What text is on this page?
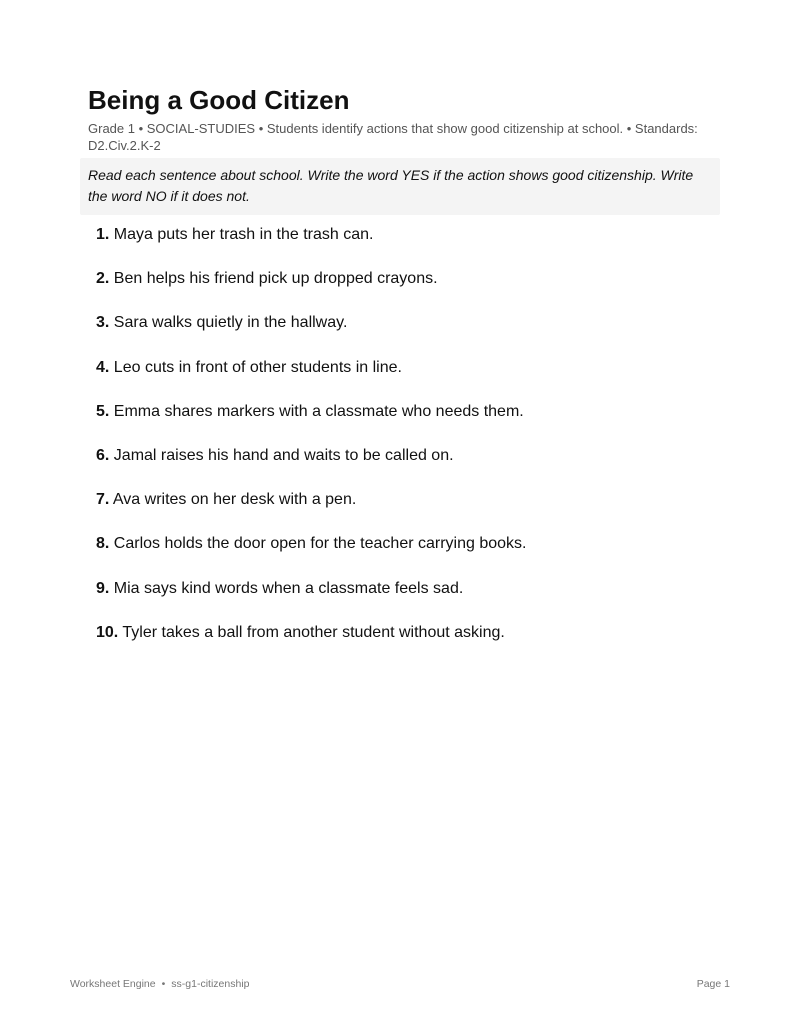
Being a Good Citizen
Grade 1 • SOCIAL-STUDIES • Students identify actions that show good citizenship at school. • Standards: D2.Civ.2.K-2
Read each sentence about school. Write the word YES if the action shows good citizenship. Write the word NO if it does not.
1. Maya puts her trash in the trash can.
2. Ben helps his friend pick up dropped crayons.
3. Sara walks quietly in the hallway.
4. Leo cuts in front of other students in line.
5. Emma shares markers with a classmate who needs them.
6. Jamal raises his hand and waits to be called on.
7. Ava writes on her desk with a pen.
8. Carlos holds the door open for the teacher carrying books.
9. Mia says kind words when a classmate feels sad.
10. Tyler takes a ball from another student without asking.
Worksheet Engine • ss-g1-citizenship	Page 1
